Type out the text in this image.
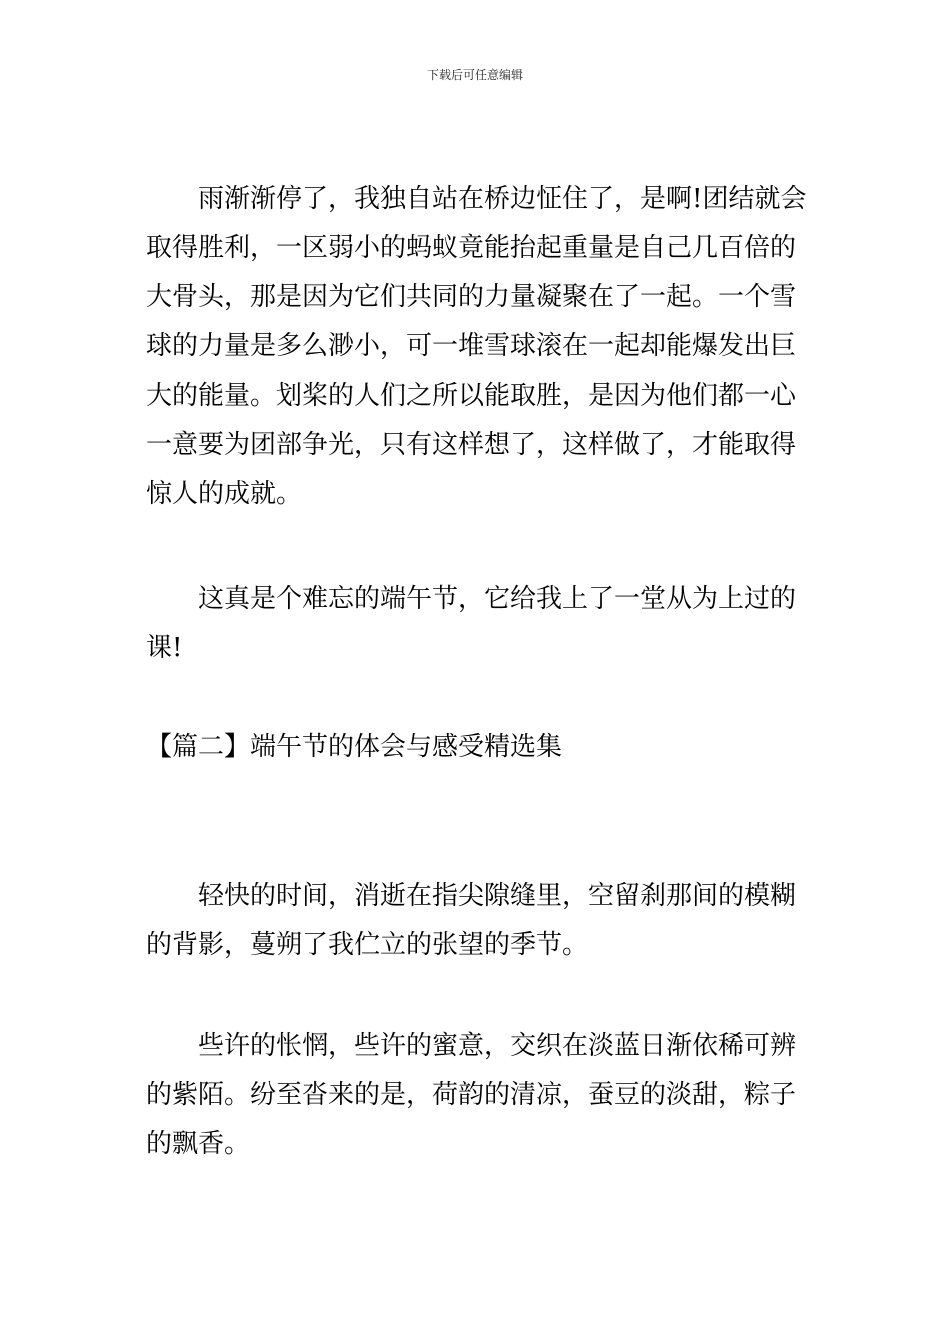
下载后可任意编辑
雨渐渐停了，我独自站在桥边怔住了，是啊!团结就会
取得胜利，一区弱小的蚂蚁竟能抬起重量是自己几百倍的
大骨头，那是因为它们共同的力量凝聚在了一起。一个雪
球的力量是多么渺小，可一堆雪球滚在一起却能爆发出巨
大的能量。划桨的人们之所以能取胜，是因为他们都一心
一意要为团部争光，只有这样想了，这样做了，才能取得
惊人的成就。
这真是个难忘的端午节，它给我上了一堂从为上过的
课!
【篇二】端午节的体会与感受精选集
轻快的时间，消逝在指尖隙缝里，空留刹那间的模糊
的背影，蔓朔了我伫立的张望的季节。
些许的怅惘，些许的蜜意，交织在淡蓝日渐依稀可辨
的紫陌。纷至沓来的是，荷韵的清凉，蚕豆的淡甜，粽子
的飘香。
